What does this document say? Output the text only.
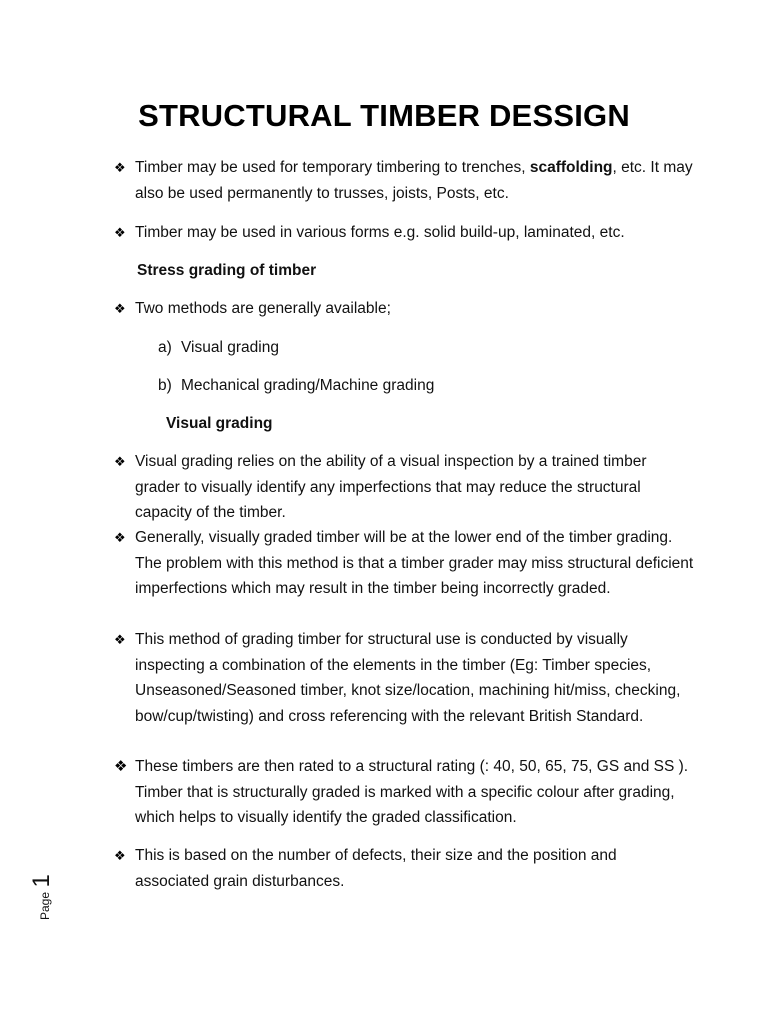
STRUCTURAL TIMBER DESSIGN
❖ Timber may be used for temporary timbering to trenches, scaffolding, etc. It may also be used permanently to trusses, joists, Posts, etc.
❖ Timber may be used in various forms e.g. solid build-up, laminated, etc.
Stress grading of timber
❖ Two methods are generally available;
a) Visual grading
b) Mechanical grading/Machine grading
Visual grading
❖ Visual grading relies on the ability of a visual inspection by a trained timber grader to visually identify any imperfections that may reduce the structural capacity of the timber.
❖ Generally, visually graded timber will be at the lower end of the timber grading. The problem with this method is that a timber grader may miss structural deficient imperfections which may result in the timber being incorrectly graded.
❖ This method of grading timber for structural use is conducted by visually inspecting a combination of the elements in the timber (Eg: Timber species, Unseasoned/Seasoned timber, knot size/location, machining hit/miss, checking, bow/cup/twisting) and cross referencing with the relevant British Standard.
❖ These timbers are then rated to a structural rating (: 40, 50, 65, 75, GS and SS ). Timber that is structurally graded is marked with a specific colour after grading, which helps to visually identify the graded classification.
❖ This is based on the number of defects, their size and the position and associated grain disturbances.
Page 1
